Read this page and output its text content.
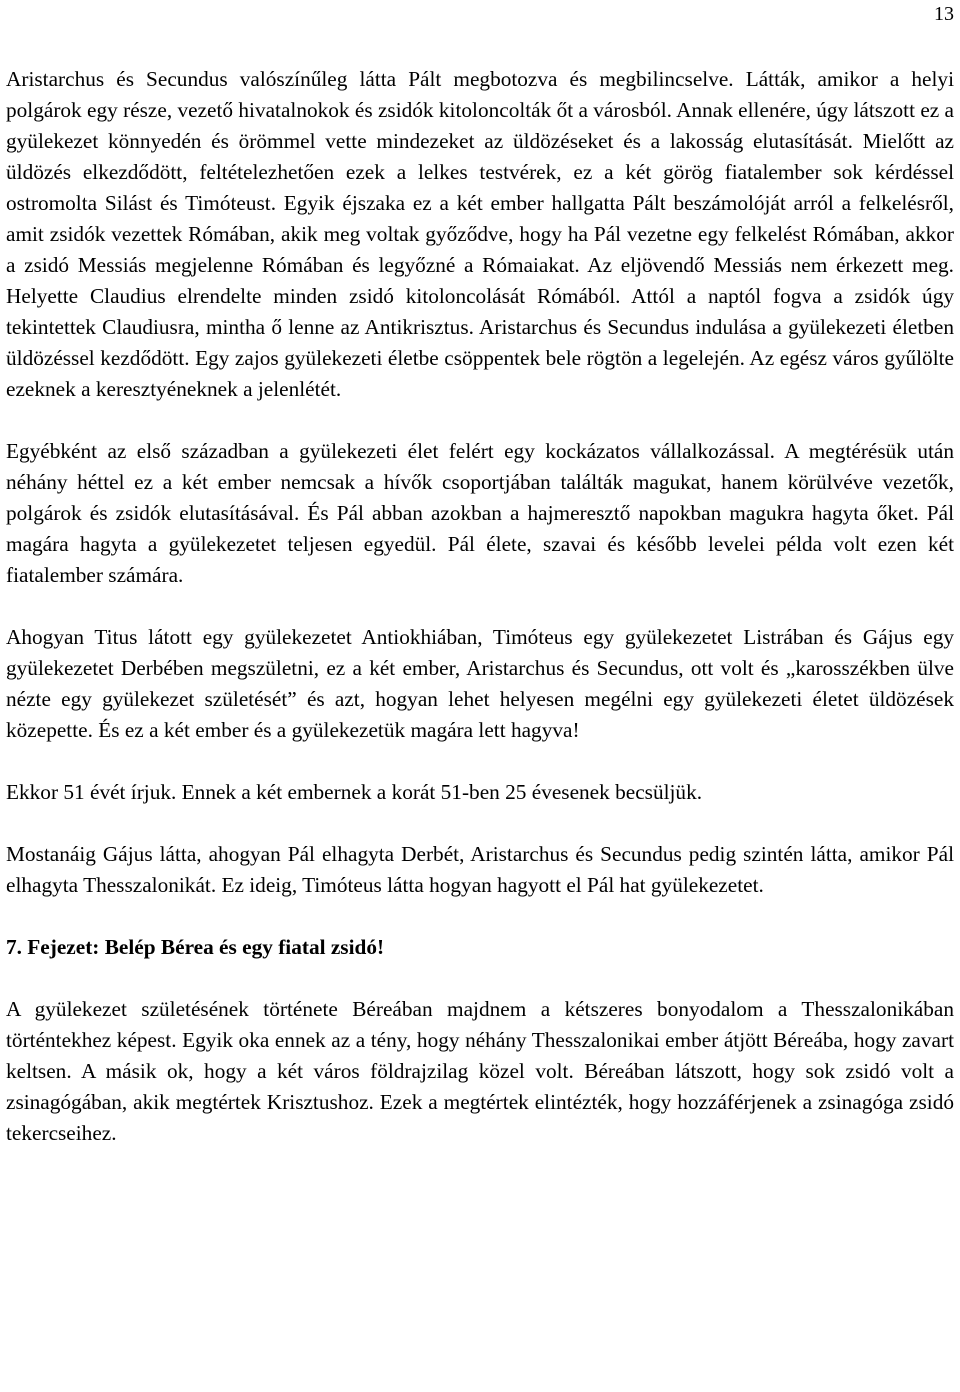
13

Aristarchus és Secundus valószínűleg látta Pált megbotozva és megbilincselve. Látták, amikor a helyi polgárok egy része, vezető hivatalnokok és zsidók kitoloncolták őt a városból. Annak ellenére, úgy látszott ez a gyülekezet könnyedén és örömmel vette mindezeket az üldözéseket és a lakosság elutasítását. Mielőtt az üldözés elkezdődött, feltételezhetően ezek a lelkes testvérek, ez a két görög fiatalember sok kérdéssel ostromolta Silást és Timóteust. Egyik éjszaka ez a két ember hallgatta Pált beszámolóját arról a felkelésről, amit zsidók vezettek Rómában, akik meg voltak győződve, hogy ha Pál vezetne egy felkelést Rómában, akkor a zsidó Messiás megjelenne Rómában és legyőzné a Rómaiakat. Az eljövendő Messiás nem érkezett meg. Helyette Claudius elrendelte minden zsidó kitoloncolását Rómából. Attól a naptól fogva a zsidók úgy tekintettek Claudiusra, mintha ő lenne az Antikrisztus. Aristarchus és Secundus indulása a gyülekezeti életben üldözéssel kezdődött. Egy zajos gyülekezeti életbe csöppentek bele rögtön a legelején. Az egész város gyűlölte ezeknek a keresztyéneknek a jelenlétét.

Egyébként az első században a gyülekezeti élet felért egy kockázatos vállalkozással. A megtérésük után néhány héttel ez a két ember nemcsak a hívők csoportjában találták magukat, hanem körülvéve vezetők, polgárok és zsidók elutasításával. És Pál abban azokban a hajmeresztő napokban magukra hagyta őket. Pál magára hagyta a gyülekezetet teljesen egyedül. Pál élete, szavai és később levelei példa volt ezen két fiatalember számára.

Ahogyan Titus látott egy gyülekezetet Antiokhiában, Timóteus egy gyülekezetet Listrában és Gájus egy gyülekezetet Derbében megszületni, ez a két ember, Aristarchus és Secundus, ott volt és „karosszékben ülve nézte egy gyülekezet születését” és azt, hogyan lehet helyesen megélni egy gyülekezeti életet üldözések közepette. És ez a két ember és a gyülekezetük magára lett hagyva!

Ekkor 51 évét írjuk. Ennek a két embernek a korát 51-ben 25 évesenek becsüljük.

Mostanáig Gájus látta, ahogyan Pál elhagyta Derbét, Aristarchus és Secundus pedig szintén látta, amikor Pál elhagyta Thesszalonikát. Ez ideig, Timóteus látta hogyan hagyott el Pál hat gyülekezetet.

7. Fejezet: Belép Bérea és egy fiatal zsidó!

A gyülekezet születésének története Béreában majdnem a kétszeres bonyodalom a Thesszalonikában történtekhez képest. Egyik oka ennek az a tény, hogy néhány Thesszalonikai ember átjött Béreába, hogy zavart keltsen. A másik ok, hogy a két város földrajzilag közel volt. Béreában látszott, hogy sok zsidó volt a zsinagógában, akik megtértek Krisztushoz. Ezek a megtértek elintézték, hogy hozzáférjenek a zsinagóga zsidó tekercseihez.
